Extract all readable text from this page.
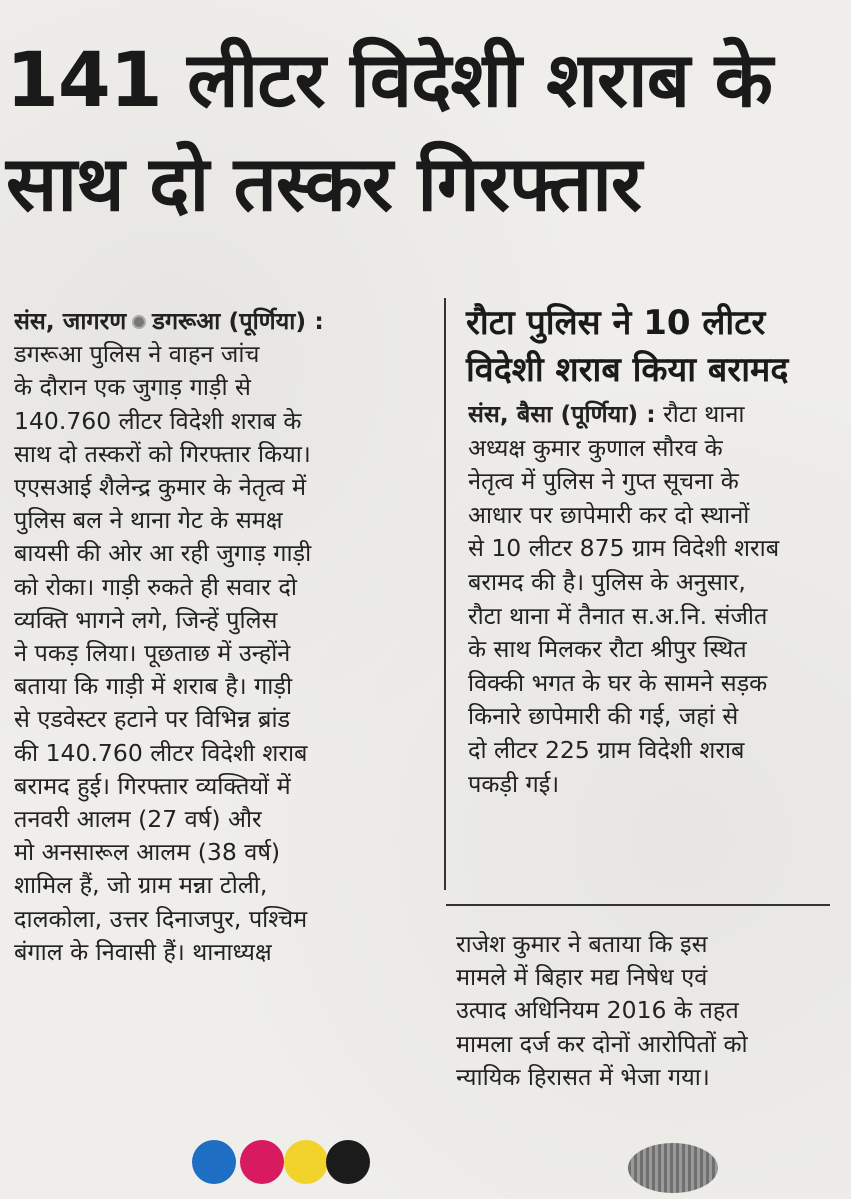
141 लीटर विदेशी शराब के
साथ दो तस्कर गिरफ्तार
संस, जागरण डगरूआ (पूर्णिया) :
डगरूआ पुलिस ने वाहन जांच
के दौरान एक जुगाड़ गाड़ी से
140.760 लीटर विदेशी शराब के
साथ दो तस्करों को गिरफ्तार किया।
एएसआई शैलेन्द्र कुमार के नेतृत्व में
पुलिस बल ने थाना गेट के समक्ष
बायसी की ओर आ रही जुगाड़ गाड़ी
को रोका। गाड़ी रुकते ही सवार दो
व्यक्ति भागने लगे, जिन्हें पुलिस
ने पकड़ लिया। पूछताछ में उन्होंने
बताया कि गाड़ी में शराब है। गाड़ी
से एडवेस्टर हटाने पर विभिन्न ब्रांड
की 140.760 लीटर विदेशी शराब
बरामद हुई। गिरफ्तार व्यक्तियों में
तनवरी आलम (27 वर्ष) और
मो अनसारूल आलम (38 वर्ष)
शामिल हैं, जो ग्राम मन्ना टोली,
दालकोला, उत्तर दिनाजपुर, पश्चिम
बंगाल के निवासी हैं। थानाध्यक्ष
रौटा पुलिस ने 10 लीटर
विदेशी शराब किया बरामद
संस, बैसा (पूर्णिया) : रौटा थाना
अध्यक्ष कुमार कुणाल सौरव के
नेतृत्व में पुलिस ने गुप्त सूचना के
आधार पर छापेमारी कर दो स्थानों
से 10 लीटर 875 ग्राम विदेशी शराब
बरामद की है। पुलिस के अनुसार,
रौटा थाना में तैनात स.अ.नि. संजीत
के साथ मिलकर रौटा श्रीपुर स्थित
विक्की भगत के घर के सामने सड़क
किनारे छापेमारी की गई, जहां से
दो लीटर 225 ग्राम विदेशी शराब
पकड़ी गई।
राजेश कुमार ने बताया कि इस
मामले में बिहार मद्य निषेध एवं
उत्पाद अधिनियम 2016 के तहत
मामला दर्ज कर दोनों आरोपितों को
न्यायिक हिरासत में भेजा गया।
